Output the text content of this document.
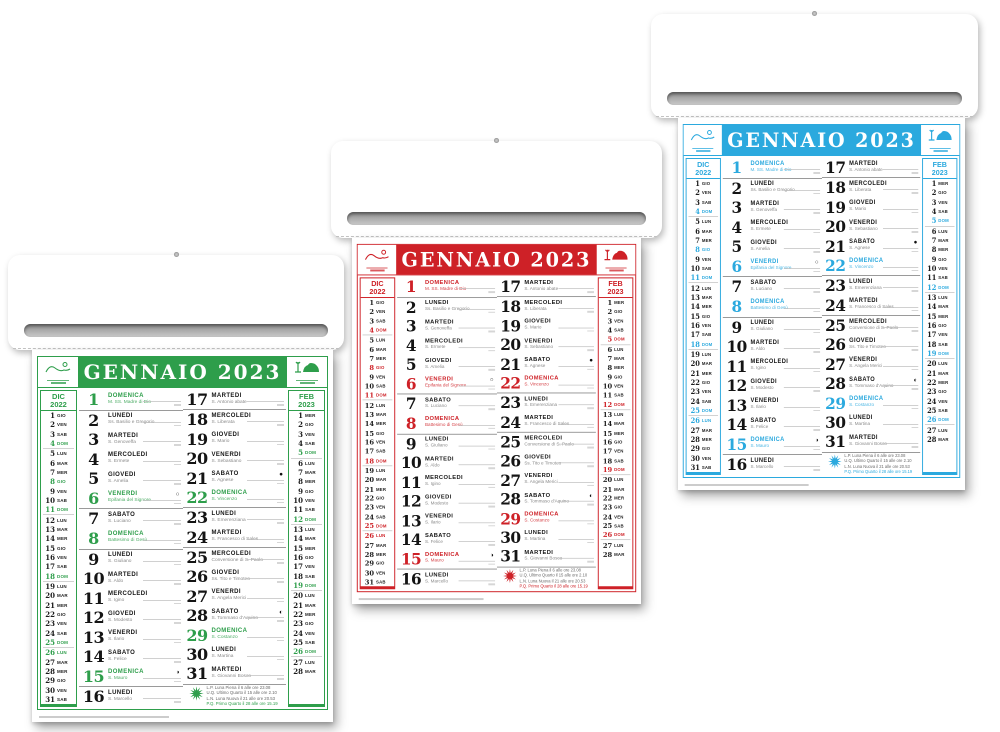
GENNAIO 2023
DIC
2022
1 GIO
2 VEN
3 SAB
4 DOM
5 LUN
6 MAR
7 MER
8 GIO
9 VEN
10 SAB
11 DOM
12 LUN
13 MAR
14 MER
15 GIO
16 VEN
17 SAB
18 DOM
19 LUN
20 MAR
21 MER
22 GIO
23 VEN
24 SAB
25 DOM
26 LUN
27 MAR
28 MER
29 GIO
30 VEN
31 SAB
1	DOMENICA
M. SS. Madre di Dio
2	LUNEDI
Ss. Basilio e Gregorio
3	MARTEDI
S. Genoveffa
4	MERCOLEDI
S. Ermete
5	GIOVEDI
S. Amelia
6	VENERDI
Epifania del Signore
○
7	SABATO
S. Luciano
8	DOMENICA
Battesimo di Gesù
9	LUNEDI
S. Giuliano
10 MARTEDI
S. Aldo
11 MERCOLEDI
S. Igino
12 GIOVEDI
S. Modesto
13 VENERDI
S. Ilario
14 SABATO
S. Felice
15 DOMENICA
S. Mauro
◑
16 LUNEDI
S. Marcello
17 MARTEDI
S. Antonio abate
18 MERCOLEDI
S. Liberata
19 GIOVEDI
S. Mario
20 VENERDI
S. Sebastiano
21 SABATO
S. Agnese
●
22 DOMENICA
S. Vincenzo
23 LUNEDI
S. Emerenziana
24 MARTEDI
S. Francesco di Sales
25 MERCOLEDI
Conversione di S. Paolo
26 GIOVEDI
Ss. Tito e Timoteo
27 VENERDI
S. Angela Merici
28 SABATO
S. Tommaso d'Aquino
◐
29 DOMENICA
S. Costanzo
30 LUNEDI
S. Martina
31 MARTEDI
S. Giovanni Bosco
L.P. Luna Piena il 6 alle ore 23.08
U.Q. Ultimo Quarto il 15 alle ore 2.10
L.N. Luna Nuova il 21 alle ore 20.53
P.Q. Primo Quarto il 28 alle ore 15.19
FEB
2023
1 MER
2 GIO
3 VEN
4 SAB
5 DOM
6 LUN
7 MAR
8 MER
9 GIO
10 VEN
11 SAB
12 DOM
13 LUN
14 MAR
15 MER
16 GIO
17 VEN
18 SAB
19 DOM
20 LUN
21 MAR
22 MER
23 GIO
24 VEN
25 SAB
26 DOM
27 LUN
28 MAR
GENNAIO 2023
DIC
2022
1 GIO
2 VEN
3 SAB
4 DOM
5 LUN
6 MAR
7 MER
8 GIO
9 VEN
10 SAB
11 DOM
12 LUN
13 MAR
14 MER
15 GIO
16 VEN
17 SAB
18 DOM
19 LUN
20 MAR
21 MER
22 GIO
23 VEN
24 SAB
25 DOM
26 LUN
27 MAR
28 MER
29 GIO
30 VEN
31 SAB
1	DOMENICA
M. SS. Madre di Dio
2	LUNEDI
Ss. Basilio e Gregorio
3	MARTEDI
S. Genoveffa
4	MERCOLEDI
S. Ermete
5	GIOVEDI
S. Amelia
6	VENERDI
Epifania del Signore
○
7	SABATO
S. Luciano
8	DOMENICA
Battesimo di Gesù
9	LUNEDI
S. Giuliano
10 MARTEDI
S. Aldo
11 MERCOLEDI
S. Igino
12 GIOVEDI
S. Modesto
13 VENERDI
S. Ilario
14 SABATO
S. Felice
15 DOMENICA
S. Mauro
◑
16 LUNEDI
S. Marcello
17 MARTEDI
S. Antonio abate
18 MERCOLEDI
S. Liberata
19 GIOVEDI
S. Mario
20 VENERDI
S. Sebastiano
21 SABATO
S. Agnese
●
22 DOMENICA
S. Vincenzo
23 LUNEDI
S. Emerenziana
24 MARTEDI
S. Francesco di Sales
25 MERCOLEDI
Conversione di S. Paolo
26 GIOVEDI
Ss. Tito e Timoteo
27 VENERDI
S. Angela Merici
28 SABATO
S. Tommaso d'Aquino
◐
29 DOMENICA
S. Costanzo
30 LUNEDI
S. Martina
31 MARTEDI
S. Giovanni Bosco
L.P. Luna Piena il 6 alle ore 23.08
U.Q. Ultimo Quarto il 15 alle ore 2.10
L.N. Luna Nuova il 21 alle ore 20.53
P.Q. Primo Quarto il 28 alle ore 15.19
FEB
2023
1 MER
2 GIO
3 VEN
4 SAB
5 DOM
6 LUN
7 MAR
8 MER
9 GIO
10 VEN
11 SAB
12 DOM
13 LUN
14 MAR
15 MER
16 GIO
17 VEN
18 SAB
19 DOM
20 LUN
21 MAR
22 MER
23 GIO
24 VEN
25 SAB
26 DOM
27 LUN
28 MAR
GENNAIO 2023
DIC
2022
1 GIO
2 VEN
3 SAB
4 DOM
5 LUN
6 MAR
7 MER
8 GIO
9 VEN
10 SAB
11 DOM
12 LUN
13 MAR
14 MER
15 GIO
16 VEN
17 SAB
18 DOM
19 LUN
20 MAR
21 MER
22 GIO
23 VEN
24 SAB
25 DOM
26 LUN
27 MAR
28 MER
29 GIO
30 VEN
31 SAB
1	DOMENICA
M. SS. Madre di Dio
2	LUNEDI
Ss. Basilio e Gregorio
3	MARTEDI
S. Genoveffa
4	MERCOLEDI
S. Ermete
5	GIOVEDI
S. Amelia
6	VENERDI
Epifania del Signore
○
7	SABATO
S. Luciano
8	DOMENICA
Battesimo di Gesù
9	LUNEDI
S. Giuliano
10 MARTEDI
S. Aldo
11 MERCOLEDI
S. Igino
12 GIOVEDI
S. Modesto
13 VENERDI
S. Ilario
14 SABATO
S. Felice
15 DOMENICA
S. Mauro
◑
16 LUNEDI
S. Marcello
17 MARTEDI
S. Antonio abate
18 MERCOLEDI
S. Liberata
19 GIOVEDI
S. Mario
20 VENERDI
S. Sebastiano
21 SABATO
S. Agnese
●
22 DOMENICA
S. Vincenzo
23 LUNEDI
S. Emerenziana
24 MARTEDI
S. Francesco di Sales
25 MERCOLEDI
Conversione di S. Paolo
26 GIOVEDI
Ss. Tito e Timoteo
27 VENERDI
S. Angela Merici
28 SABATO
S. Tommaso d'Aquino
◐
29 DOMENICA
S. Costanzo
30 LUNEDI
S. Martina
31 MARTEDI
S. Giovanni Bosco
L.P. Luna Piena il 6 alle ore 23.08
U.Q. Ultimo Quarto il 15 alle ore 2.10
L.N. Luna Nuova il 21 alle ore 20.53
P.Q. Primo Quarto il 28 alle ore 15.19
FEB
2023
1 MER
2 GIO
3 VEN
4 SAB
5 DOM
6 LUN
7 MAR
8 MER
9 GIO
10 VEN
11 SAB
12 DOM
13 LUN
14 MAR
15 MER
16 GIO
17 VEN
18 SAB
19 DOM
20 LUN
21 MAR
22 MER
23 GIO
24 VEN
25 SAB
26 DOM
27 LUN
28 MAR
